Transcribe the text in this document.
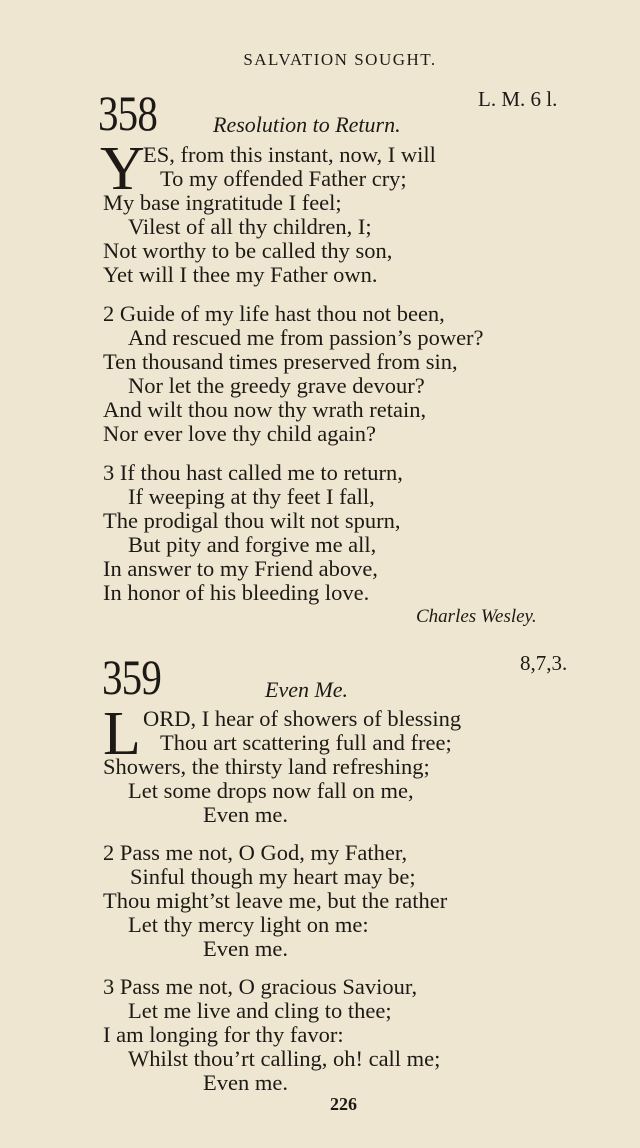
SALVATION SOUGHT.
358	L. M. 6 l.
Resolution to Return.
Y
ES, from this instant, now, I will
To my offended Father cry;
My base ingratitude I feel;
Vilest of all thy children, I;
Not worthy to be called thy son,
Yet will I thee my Father own.
2 Guide of my life hast thou not been,
And rescued me from passion’s power?
Ten thousand times preserved from sin,
Nor let the greedy grave devour?
And wilt thou now thy wrath retain,
Nor ever love thy child again?
3 If thou hast called me to return,
If weeping at thy feet I fall,
The prodigal thou wilt not spurn,
But pity and forgive me all,
In answer to my Friend above,
In honor of his bleeding love.
Charles Wesley.
359	8,7,3.
Even Me.
L ORD, I hear of showers of blessing
Thou art scattering full and free;
Showers, the thirsty land refreshing;
Let some drops now fall on me,
Even me.
2 Pass me not, O God, my Father,
Sinful though my heart may be;
Thou might’st leave me, but the rather
Let thy mercy light on me:
Even me.
3 Pass me not, O gracious Saviour,
Let me live and cling to thee;
I am longing for thy favor:
Whilst thou’rt calling, oh! call me;
Even me.
226
